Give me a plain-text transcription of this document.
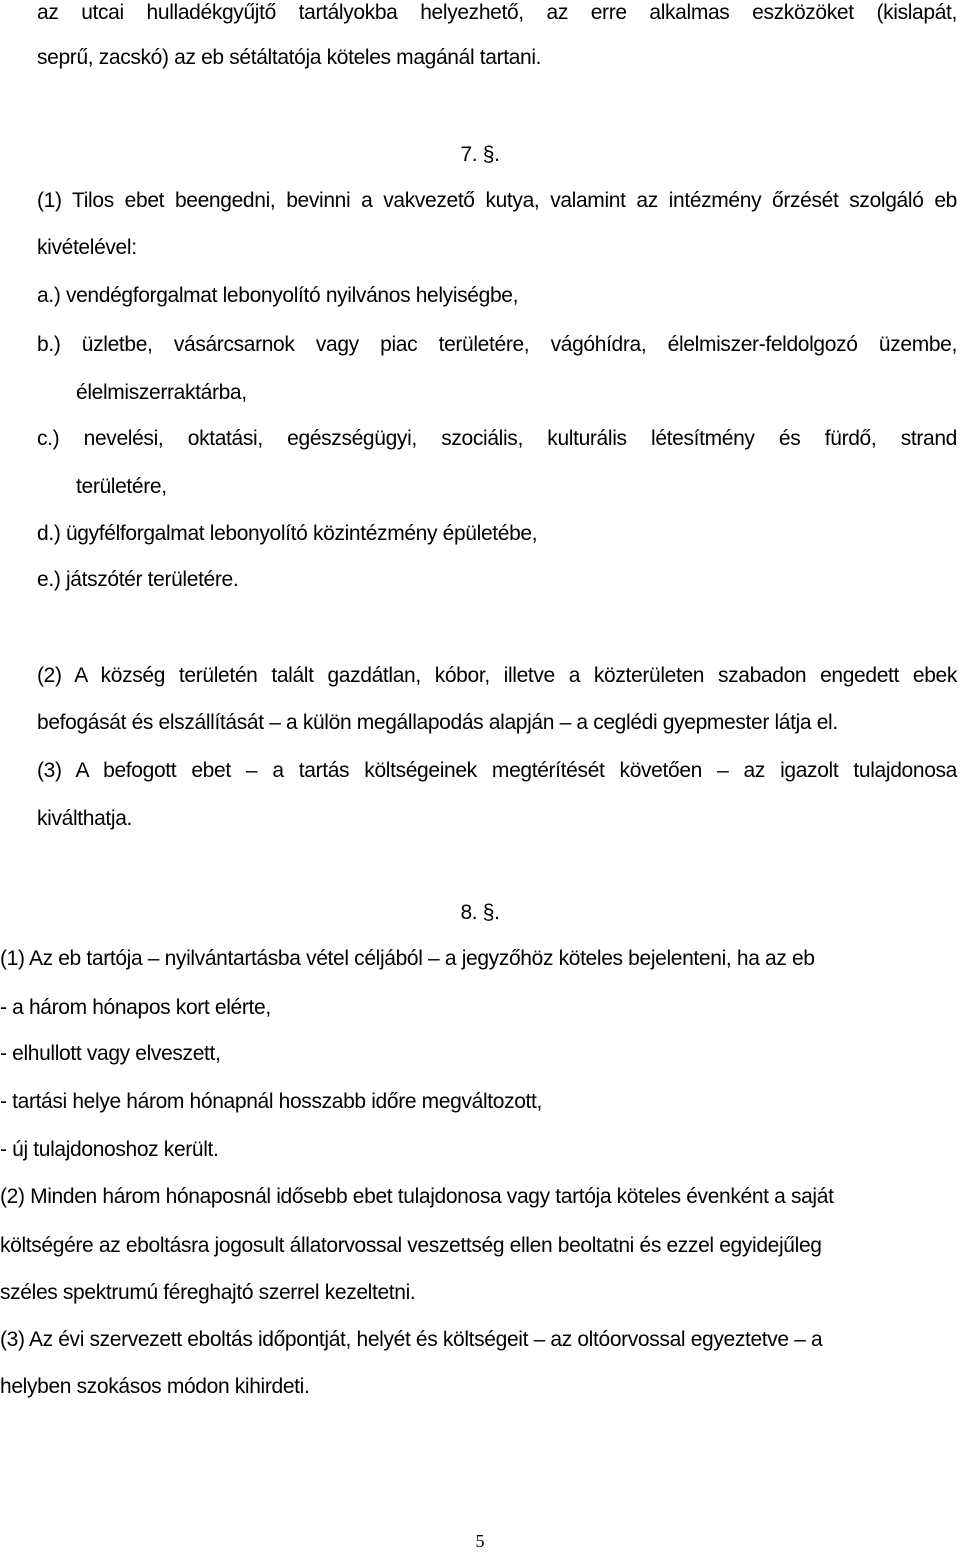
az utcai hulladékgyűjtő tartályokba helyezhető, az erre alkalmas eszközöket (kislapát,

seprű, zacskó) az eb sétáltatója köteles magánál tartani.

7. §.

(1) Tilos ebet beengedni, bevinni a vakvezető kutya, valamint az intézmény őrzését szolgáló eb

kivételével:

a.) vendégforgalmat lebonyolító nyilvános helyiségbe,

b.) üzletbe, vásárcsarnok vagy piac területére, vágóhídra, élelmiszer-feldolgozó üzembe,

élelmiszerraktárba,

c.) nevelési, oktatási, egészségügyi, szociális, kulturális létesítmény és fürdő, strand

területére,

d.) ügyfélforgalmat lebonyolító közintézmény épületébe,

e.) játszótér területére.

(2) A község területén talált gazdátlan, kóbor, illetve a közterületen szabadon engedett ebek

befogását és elszállítását – a külön megállapodás alapján – a ceglédi gyepmester látja el.

(3) A befogott ebet – a tartás költségeinek megtérítését követően – az igazolt tulajdonosa

kiválthatja.

8. §.

(1) Az eb tartója – nyilvántartásba vétel céljából – a jegyzőhöz köteles bejelenteni, ha az eb

- a három hónapos kort elérte,

- elhullott vagy elveszett,

- tartási helye három hónapnál hosszabb időre megváltozott,

- új tulajdonoshoz került.

(2) Minden három hónaposnál idősebb ebet tulajdonosa vagy tartója köteles évenként a saját

költségére az eboltásra jogosult állatorvossal veszettség ellen beoltatni és ezzel egyidejűleg

széles spektrumú féreghajtó szerrel kezeltetni.

(3) Az évi szervezett eboltás időpontját, helyét és költségeit – az oltóorvossal egyeztetve – a

helyben szokásos módon kihirdeti.

5
